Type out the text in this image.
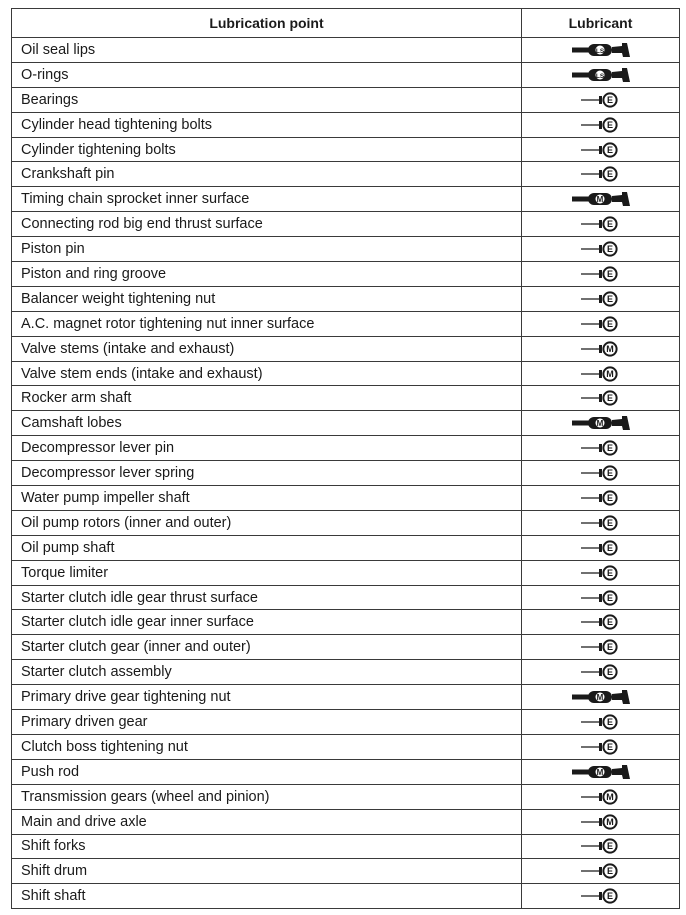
Lubrication point	Lubricant
Oil seal lips	LS

O-rings	LS

Bearings	E

Cylinder head tightening bolts	E

Cylinder tightening bolts	E

Crankshaft pin	E

Timing chain sprocket inner surface	M

Connecting rod big end thrust surface	E

Piston pin	E

Piston and ring groove	E

Balancer weight tightening nut	E

A.C. magnet rotor tightening nut inner surface	E

Valve stems (intake and exhaust)	M

Valve stem ends (intake and exhaust)	M

Rocker arm shaft	E

Camshaft lobes	M

Decompressor lever pin	E

Decompressor lever spring	E

Water pump impeller shaft	E

Oil pump rotors (inner and outer)	E

Oil pump shaft	E

Torque limiter	E

Starter clutch idle gear thrust surface	E

Starter clutch idle gear inner surface	E

Starter clutch gear (inner and outer)	E

Starter clutch assembly	E

Primary drive gear tightening nut	M

Primary driven gear	E

Clutch boss tightening nut	E

Push rod	M

Transmission gears (wheel and pinion)	M

Main and drive axle	M

Shift forks	E

Shift drum	E

Shift shaft	E
